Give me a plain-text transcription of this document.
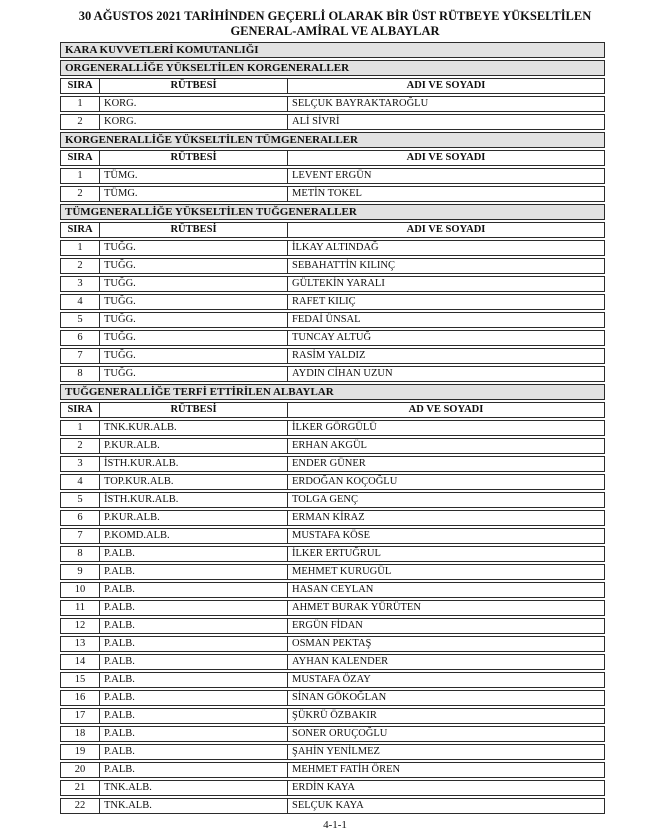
30 AĞUSTOS 2021 TARİHİNDEN GEÇERLİ OLARAK BİR ÜST RÜTBEYE YÜKSELTİLEN
GENERAL-AMİRAL VE ALBAYLAR
KARA KUVVETLERİ KOMUTANLIĞI
ORGENERALLİĞE YÜKSELTİLEN KORGENERALLER
SIRA	RÜTBESİ	ADI VE SOYADI
1	KORG.	SELÇUK BAYRAKTAROĞLU
2	KORG.	ALİ SİVRİ
KORGENERALLİĞE YÜKSELTİLEN TÜMGENERALLER
SIRA	RÜTBESİ	ADI VE SOYADI
1	TÜMG.	LEVENT ERGÜN
2	TÜMG.	METİN TOKEL
TÜMGENERALLİĞE YÜKSELTİLEN TUĞGENERALLER
SIRA	RÜTBESİ	ADI VE SOYADI
1	TUĞG.	İLKAY ALTINDAĞ
2	TUĞG.	SEBAHATTİN KILINÇ
3	TUĞG.	GÜLTEKİN YARALI
4	TUĞG.	RAFET KILIÇ
5	TUĞG.	FEDAİ ÜNSAL
6	TUĞG.	TUNCAY ALTUĞ
7	TUĞG.	RASİM YALDIZ
8	TUĞG.	AYDIN CİHAN UZUN
TUĞGENERALLİĞE TERFİ ETTİRİLEN ALBAYLAR
SIRA	RÜTBESİ	AD VE SOYADI
1	TNK.KUR.ALB.	İLKER GÖRGÜLÜ
2	P.KUR.ALB.	ERHAN AKGÜL
3	İSTH.KUR.ALB.	ENDER GÜNER
4	TOP.KUR.ALB.	ERDOĞAN KOÇOĞLU
5	İSTH.KUR.ALB.	TOLGA GENÇ
6	P.KUR.ALB.	ERMAN KİRAZ
7	P.KOMD.ALB.	MUSTAFA KÖSE
8	P.ALB.	İLKER ERTUĞRUL
9	P.ALB.	MEHMET KURUGÜL
10	P.ALB.	HASAN CEYLAN
11	P.ALB.	AHMET BURAK YÜRÜTEN
12	P.ALB.	ERGÜN FİDAN
13	P.ALB.	OSMAN PEKTAŞ
14	P.ALB.	AYHAN KALENDER
15	P.ALB.	MUSTAFA ÖZAY
16	P.ALB.	SİNAN GÖKOĞLAN
17	P.ALB.	ŞÜKRÜ ÖZBAKIR
18	P.ALB.	SONER ORUÇOĞLU
19	P.ALB.	ŞAHİN YENİLMEZ
20	P.ALB.	MEHMET FATİH ÖREN
21	TNK.ALB.	ERDİN KAYA
22	TNK.ALB.	SELÇUK KAYA
4-1-1
